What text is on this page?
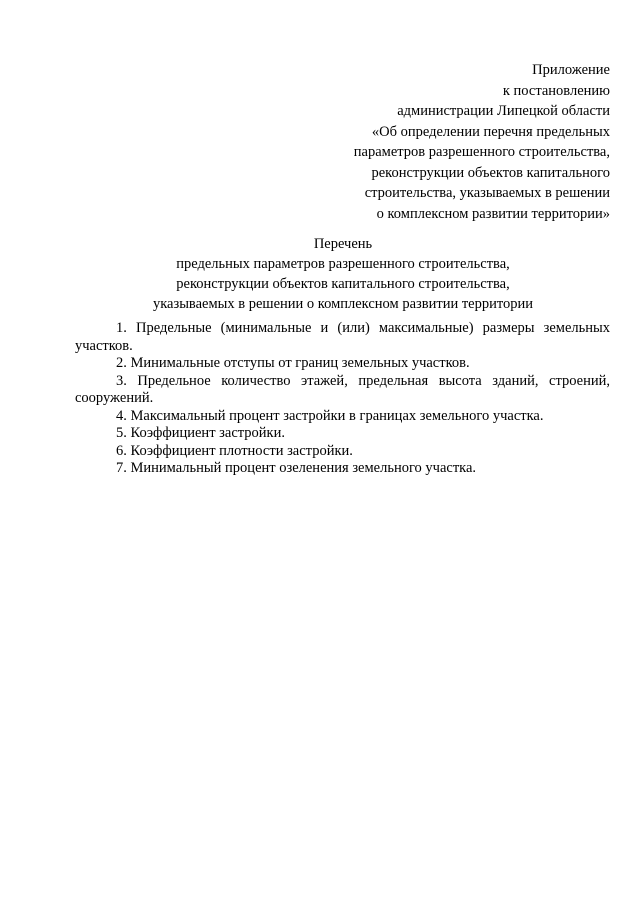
Приложение
к постановлению
администрации Липецкой области
«Об определении перечня предельных
параметров разрешенного строительства,
реконструкции объектов капитального
строительства, указываемых в решении
о комплексном развитии территории»
Перечень
предельных параметров разрешенного строительства,
реконструкции объектов капитального строительства,
указываемых в решении о комплексном развитии территории

1. Предельные (минимальные и (или) максимальные) размеры земельных участков.

2. Минимальные отступы от границ земельных участков.

3. Предельное количество этажей, предельная высота зданий, строений, сооружений.

4. Максимальный процент застройки в границах земельного участка.

5. Коэффициент застройки.

6. Коэффициент плотности застройки.

7. Минимальный процент озеленения земельного участка.
